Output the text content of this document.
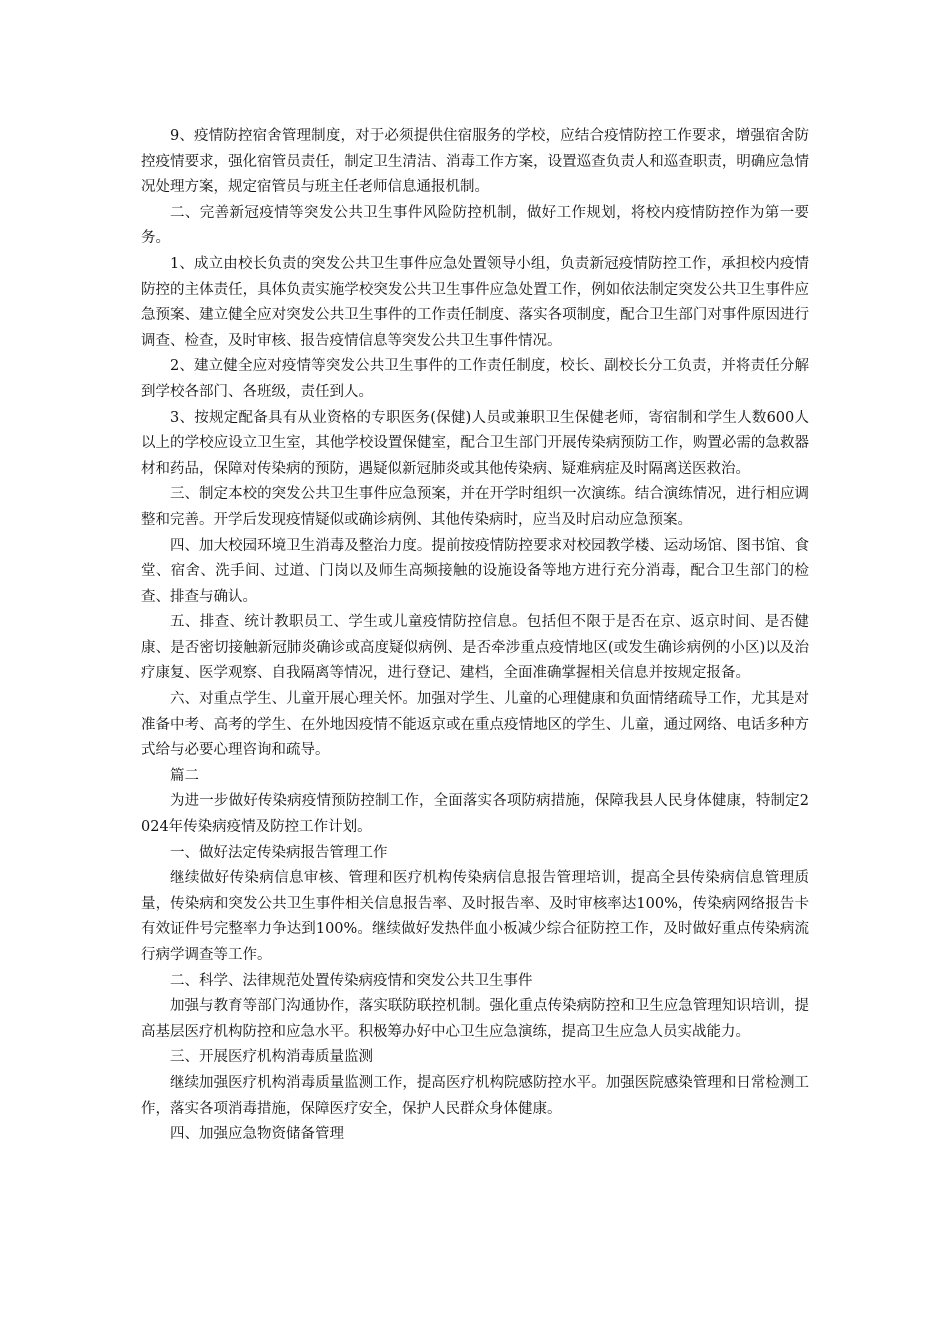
9、疫情防控宿舍管理制度，对于必须提供住宿服务的学校，应结合疫情防控工作要求，增强宿舍防控疫情要求，强化宿管员责任，制定卫生清洁、消毒工作方案，设置巡查负责人和巡查职责，明确应急情况处理方案，规定宿管员与班主任老师信息通报机制。

二、完善新冠疫情等突发公共卫生事件风险防控机制，做好工作规划，将校内疫情防控作为第一要务。

1、成立由校长负责的突发公共卫生事件应急处置领导小组，负责新冠疫情防控工作，承担校内疫情防控的主体责任，具体负责实施学校突发公共卫生事件应急处置工作，例如依法制定突发公共卫生事件应急预案、建立健全应对突发公共卫生事件的工作责任制度、落实各项制度，配合卫生部门对事件原因进行调查、检查，及时审核、报告疫情信息等突发公共卫生事件情况。

2、建立健全应对疫情等突发公共卫生事件的工作责任制度，校长、副校长分工负责，并将责任分解到学校各部门、各班级，责任到人。

3、按规定配备具有从业资格的专职医务(保健)人员或兼职卫生保健老师，寄宿制和学生人数600人以上的学校应设立卫生室，其他学校设置保健室，配合卫生部门开展传染病预防工作，购置必需的急救器材和药品，保障对传染病的预防，遇疑似新冠肺炎或其他传染病、疑难病症及时隔离送医救治。

三、制定本校的突发公共卫生事件应急预案，并在开学时组织一次演练。结合演练情况，进行相应调整和完善。开学后发现疫情疑似或确诊病例、其他传染病时，应当及时启动应急预案。

四、加大校园环境卫生消毒及整治力度。提前按疫情防控要求对校园教学楼、运动场馆、图书馆、食堂、宿舍、洗手间、过道、门岗以及师生高频接触的设施设备等地方进行充分消毒，配合卫生部门的检查、排查与确认。

五、排查、统计教职员工、学生或儿童疫情防控信息。包括但不限于是否在京、返京时间、是否健康、是否密切接触新冠肺炎确诊或高度疑似病例、是否牵涉重点疫情地区(或发生确诊病例的小区)以及治疗康复、医学观察、自我隔离等情况，进行登记、建档，全面准确掌握相关信息并按规定报备。

六、对重点学生、儿童开展心理关怀。加强对学生、儿童的心理健康和负面情绪疏导工作，尤其是对准备中考、高考的学生、在外地因疫情不能返京或在重点疫情地区的学生、儿童，通过网络、电话多种方式给与必要心理咨询和疏导。

篇二

为进一步做好传染病疫情预防控制工作，全面落实各项防病措施，保障我县人民身体健康，特制定2024年传染病疫情及防控工作计划。

一、做好法定传染病报告管理工作

继续做好传染病信息审核、管理和医疗机构传染病信息报告管理培训，提高全县传染病信息管理质量，传染病和突发公共卫生事件相关信息报告率、及时报告率、及时审核率达100%，传染病网络报告卡有效证件号完整率力争达到100%。继续做好发热伴血小板减少综合征防控工作，及时做好重点传染病流行病学调查等工作。

二、科学、法律规范处置传染病疫情和突发公共卫生事件

加强与教育等部门沟通协作，落实联防联控机制。强化重点传染病防控和卫生应急管理知识培训，提高基层医疗机构防控和应急水平。积极筹办好中心卫生应急演练，提高卫生应急人员实战能力。

三、开展医疗机构消毒质量监测

继续加强医疗机构消毒质量监测工作，提高医疗机构院感防控水平。加强医院感染管理和日常检测工作，落实各项消毒措施，保障医疗安全，保护人民群众身体健康。

四、加强应急物资储备管理
